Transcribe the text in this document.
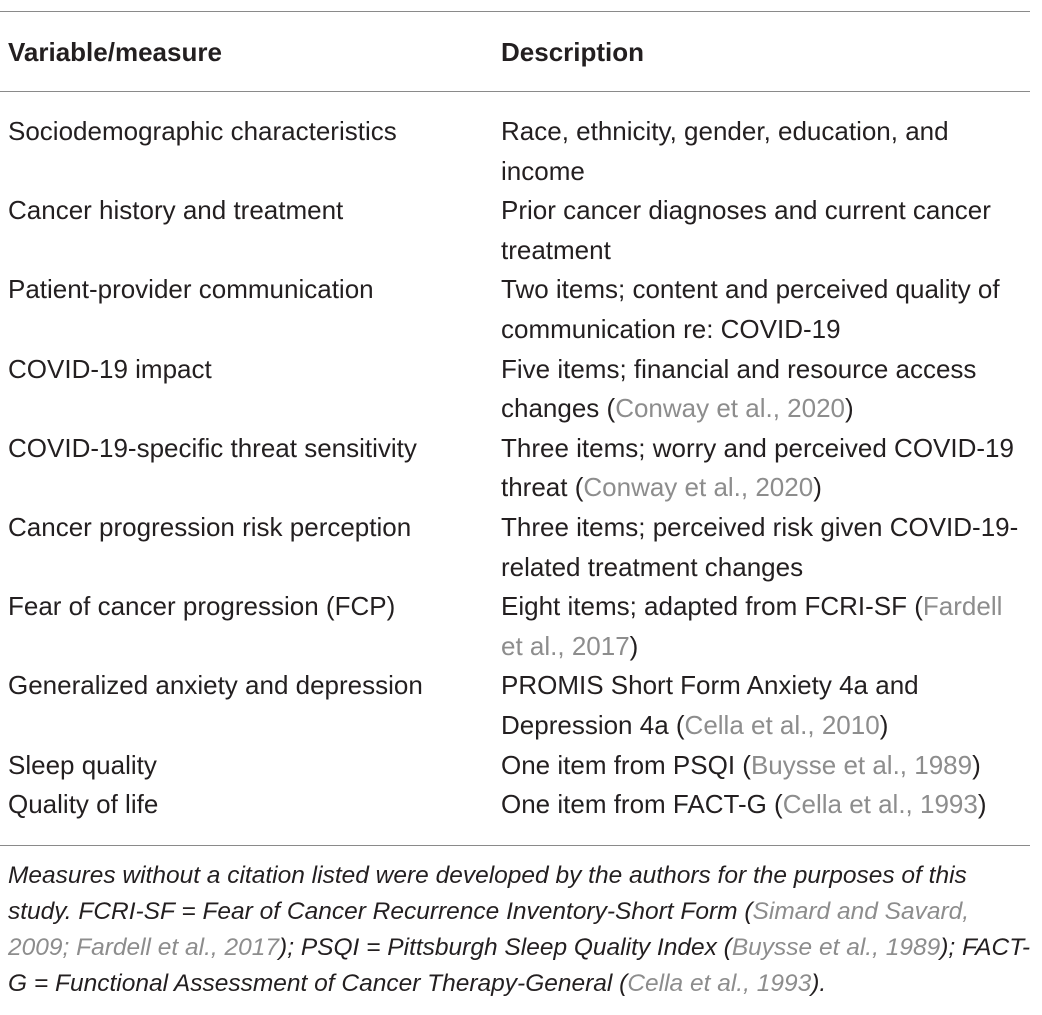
Variable/measure	Description
Sociodemographic characteristics	Race, ethnicity, gender, education, and income
Cancer history and treatment	Prior cancer diagnoses and current cancer treatment
Patient-provider communication	Two items; content and perceived quality of communication re: COVID-19
COVID-19 impact	Five items; financial and resource access changes (Conway et al., 2020)
COVID-19-specific threat sensitivity	Three items; worry and perceived COVID-19 threat (Conway et al., 2020)
Cancer progression risk perception	Three items; perceived risk given COVID-19-related treatment changes
Fear of cancer progression (FCP)	Eight items; adapted from FCRI-SF (Fardell et al., 2017)
Generalized anxiety and depression	PROMIS Short Form Anxiety 4a and Depression 4a (Cella et al., 2010)
Sleep quality	One item from PSQI (Buysse et al., 1989)
Quality of life	One item from FACT-G (Cella et al., 1993)
Measures without a citation listed were developed by the authors for the purposes of this study. FCRI-SF = Fear of Cancer Recurrence Inventory-Short Form (Simard and Savard, 2009; Fardell et al., 2017); PSQI = Pittsburgh Sleep Quality Index (Buysse et al., 1989); FACT-G = Functional Assessment of Cancer Therapy-General (Cella et al., 1993).
